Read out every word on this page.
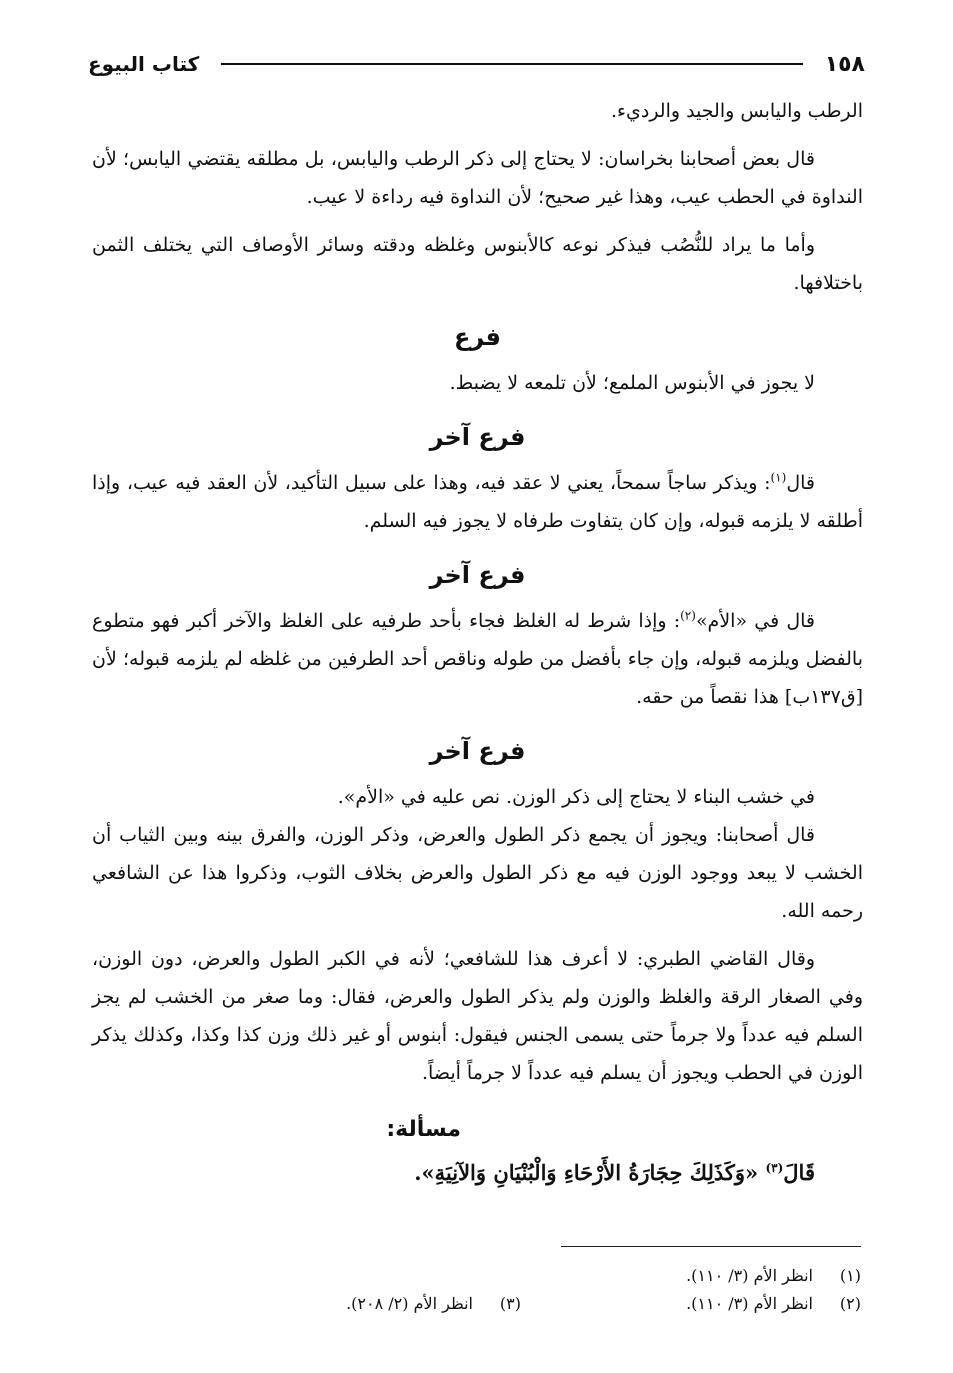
١٥٨
كتاب البيوع

الرطب واليابس والجيد والرديء.

قال بعض أصحابنا بخراسان: لا يحتاج إلى ذكر الرطب واليابس، بل مطلقه يقتضي اليابس؛ لأن النداوة في الحطب عيب، وهذا غير صحيح؛ لأن النداوة فيه رداءة لا عيب.

وأما ما يراد للنُّصُب فيذكر نوعه كالأبنوس وغلظه ودقته وسائر الأوصاف التي يختلف الثمن باختلافها.

فرع

لا يجوز في الأبنوس الملمع؛ لأن تلمعه لا يضبط.

فرع آخر

قال$^{(١)}$: ويذكر ساجاً سمحاً، يعني لا عقد فيه، وهذا على سبيل التأكيد، لأن العقد فيه عيب، وإذا أطلقه لا يلزمه قبوله، وإن كان يتفاوت طرفاه لا يجوز فيه السلم.

فرع آخر

قال في «الأم»$^{(٢)}$: وإذا شرط له الغلظ فجاء بأحد طرفيه على الغلظ والآخر أكبر فهو متطوع بالفضل ويلزمه قبوله، وإن جاء بأفضل من طوله وناقص أحد الطرفين من غلظه لم يلزمه قبوله؛ لأن [ق١٣٧ب] هذا نقصاً من حقه.

فرع آخر

في خشب البناء لا يحتاج إلى ذكر الوزن. نص عليه في «الأم».

قال أصحابنا: ويجوز أن يجمع ذكر الطول والعرض، وذكر الوزن، والفرق بينه وبين الثياب أن الخشب لا يبعد ووجود الوزن فيه مع ذكر الطول والعرض بخلاف الثوب، وذكروا هذا عن الشافعي رحمه الله.

وقال القاضي الطبري: لا أعرف هذا للشافعي؛ لأنه في الكبر الطول والعرض، دون الوزن، وفي الصغار الرقة والغلظ والوزن ولم يذكر الطول والعرض، فقال: وما صغر من الخشب لم يجز السلم فيه عدداً ولا جرماً حتى يسمى الجنس فيقول: أبنوس أو غير ذلك وزن كذا وكذا، وكذلك يذكر الوزن في الحطب ويجوز أن يسلم فيه عدداً لا جرماً أيضاً.

مسألة:

قَالَ$^{(٣)}$ «وَكَذَلِكَ حِجَارَةُ الأَرْحَاءِ وَالْبُنْيَانِ وَالآنِيَةِ».

(١)
انظر الأم (٣/ ١١٠).
(٢)
انظر الأم (٣/ ١١٠).
(٣)
انظر الأم (٢/ ٢٠٨).
